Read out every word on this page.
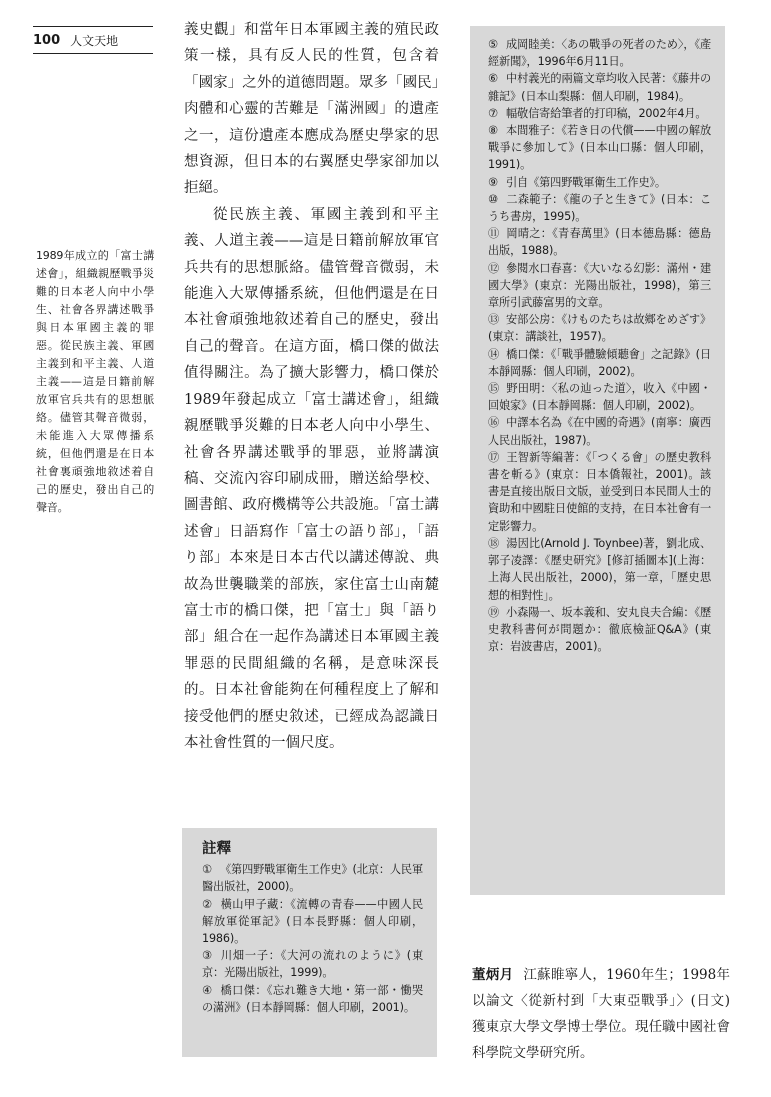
100 人文天地
1989年成立的「富士講述會」，組織親歷戰爭災難的日本老人向中小學生、社會各界講述戰爭與日本軍國主義的罪惡。從民族主義、軍國主義到和平主義、人道主義——這是日籍前解放軍官兵共有的思想脈絡。儘管其聲音微弱，未能進入大眾傳播系統，但他們還是在日本社會裏頑強地敘述着自己的歷史，發出自己的聲音。

義史觀」和當年日本軍國主義的殖民政策一樣，具有反人民的性質，包含着「國家」之外的道德問題。眾多「國民」肉體和心靈的苦難是「滿洲國」的遺產之一，這份遺產本應成為歷史學家的思想資源，但日本的右翼歷史學家卻加以拒絕。

從民族主義、軍國主義到和平主義、人道主義——這是日籍前解放軍官兵共有的思想脈絡。儘管聲音微弱，未能進入大眾傳播系統，但他們還是在日本社會頑強地敘述着自己的歷史，發出自己的聲音。在這方面，橋口傑的做法值得關注。為了擴大影響力，橋口傑於1989年發起成立「富士講述會」，組織親歷戰爭災難的日本老人向中小學生、社會各界講述戰爭的罪惡，並將講演稿、交流內容印刷成冊，贈送給學校、圖書館、政府機構等公共設施。「富士講述會」日語寫作「富士の語り部」，「語り部」本來是日本古代以講述傳說、典故為世襲職業的部族，家住富士山南麓富士市的橋口傑，把「富士」與「語り部」組合在一起作為講述日本軍國主義罪惡的民間組織的名稱，是意味深長的。日本社會能夠在何種程度上了解和接受他們的歷史敘述，已經成為認識日本社會性質的一個尺度。

註釋
① 《第四野戰軍衛生工作史》(北京：人民軍醫出版社，2000)。
② 橫山甲子藏：《流轉の青春——中國人民解放軍從軍記》(日本長野縣：個人印刷，1986)。
③ 川畑一子：《大河の流れのように》(東京：光陽出版社，1999)。
④ 橋口傑：《忘れ難き大地・第一部・慟哭の滿洲》(日本靜岡縣：個人印刷，2001)。
⑤ 成岡睦美：〈あの戰爭の死者のため〉，《產經新聞》，1996年6月11日。
⑥ 中村義光的兩篇文章均收入民著：《藤井の雜記》(日本山梨縣：個人印刷，1984)。
⑦ 幅敬信寄給筆者的打印稿，2002年4月。
⑧ 本間雅子：《若き日の代償——中國の解放戰爭に參加して》(日本山口縣：個人印刷，1991)。
⑨ 引自《第四野戰軍衛生工作史》。
⑩ 二森範子：《龍の子と生きて》(日本：こうち書房，1995)。
⑪ 岡晴之：《青春萬里》(日本德島縣：德島出版，1988)。
⑫ 參閱水口春喜：《大いなる幻影：滿州・建國大學》(東京：光陽出版社，1998)，第三章所引武藤富男的文章。
⑬ 安部公房：《けものたちは故鄉をめざす》(東京：講談社，1957)。
⑭ 橋口傑：《「戰爭體驗傾聽會」之記錄》(日本靜岡縣：個人印刷，2002)。
⑮ 野田明：〈私の辿った道〉，收入《中國・回娘家》(日本靜岡縣：個人印刷，2002)。
⑯ 中譯本名為《在中國的奇遇》(南寧：廣西人民出版社，1987)。
⑰ 王智新等編著：《「つくる會」の歷史教科書を斬る》(東京：日本僑報社，2001)。該書是直接出版日文版，並受到日本民間人士的資助和中國駐日使館的支持，在日本社會有一定影響力。
⑱ 湯因比(Arnold J. Toynbee)著，劉北成、郭子凌譯：《歷史研究》[修訂插圖本](上海：上海人民出版社，2000)，第一章，「歷史思想的相對性」。
⑲ 小森陽一、坂本義和、安丸良夫合編：《歷史教科書何が問題か：徹底檢証Q&A》(東京：岩波書店，2001)。
董炳月 江蘇睢寧人，1960年生；1998年以論文〈從新村到「大東亞戰爭」〉(日文)獲東京大學文學博士學位。現任職中國社會科學院文學研究所。
